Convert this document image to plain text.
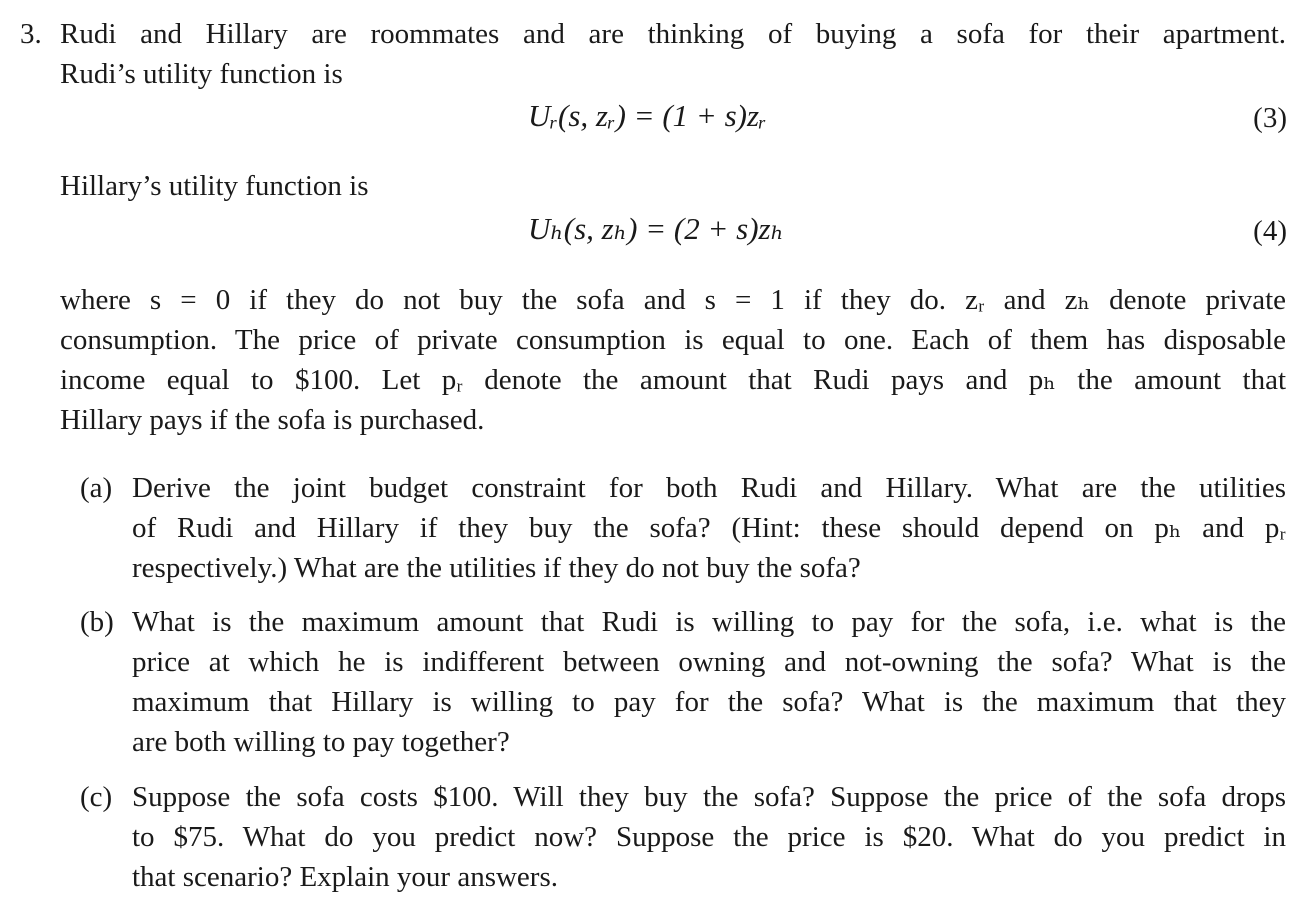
3. Rudi and Hillary are roommates and are thinking of buying a sofa for their apartment.
Rudi’s utility function is
Uᵣ(s, zᵣ) = (1 + s)zᵣ	(3)
Hillary’s utility function is
Uₕ(s, zₕ) = (2 + s)zₕ	(4)
where s = 0 if they do not buy the sofa and s = 1 if they do. zᵣ and zₕ denote private
consumption. The price of private consumption is equal to one. Each of them has disposable
income equal to $100. Let pᵣ denote the amount that Rudi pays and pₕ the amount that
Hillary pays if the sofa is purchased.
(a) Derive the joint budget constraint for both Rudi and Hillary. What are the utilities
of Rudi and Hillary if they buy the sofa? (Hint: these should depend on pₕ and pᵣ
respectively.) What are the utilities if they do not buy the sofa?
(b) What is the maximum amount that Rudi is willing to pay for the sofa, i.e. what is the
price at which he is indifferent between owning and not-owning the sofa? What is the
maximum that Hillary is willing to pay for the sofa? What is the maximum that they
are both willing to pay together?
(c) Suppose the sofa costs $100. Will they buy the sofa? Suppose the price of the sofa drops
to $75. What do you predict now? Suppose the price is $20. What do you predict in
that scenario? Explain your answers.
